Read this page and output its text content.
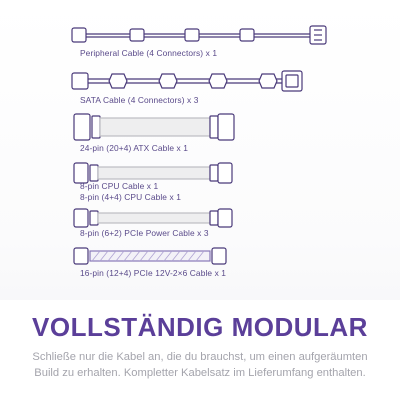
Peripheral Cable (4 Connectors) x 1
SATA Cable (4 Connectors) x 3
24-pin (20+4) ATX Cable x 1
8-pin CPU Cable x 1
8-pin (4+4) CPU Cable x 1
8-pin (6+2) PCIe Power Cable x 3
16-pin (12+4) PCIe 12V-2×6 Cable x 1
VOLLSTÄNDIG MODULAR
Schließe nur die Kabel an, die du brauchst, um einen aufgeräumten
Build zu erhalten. Kompletter Kabelsatz im Lieferumfang enthalten.
